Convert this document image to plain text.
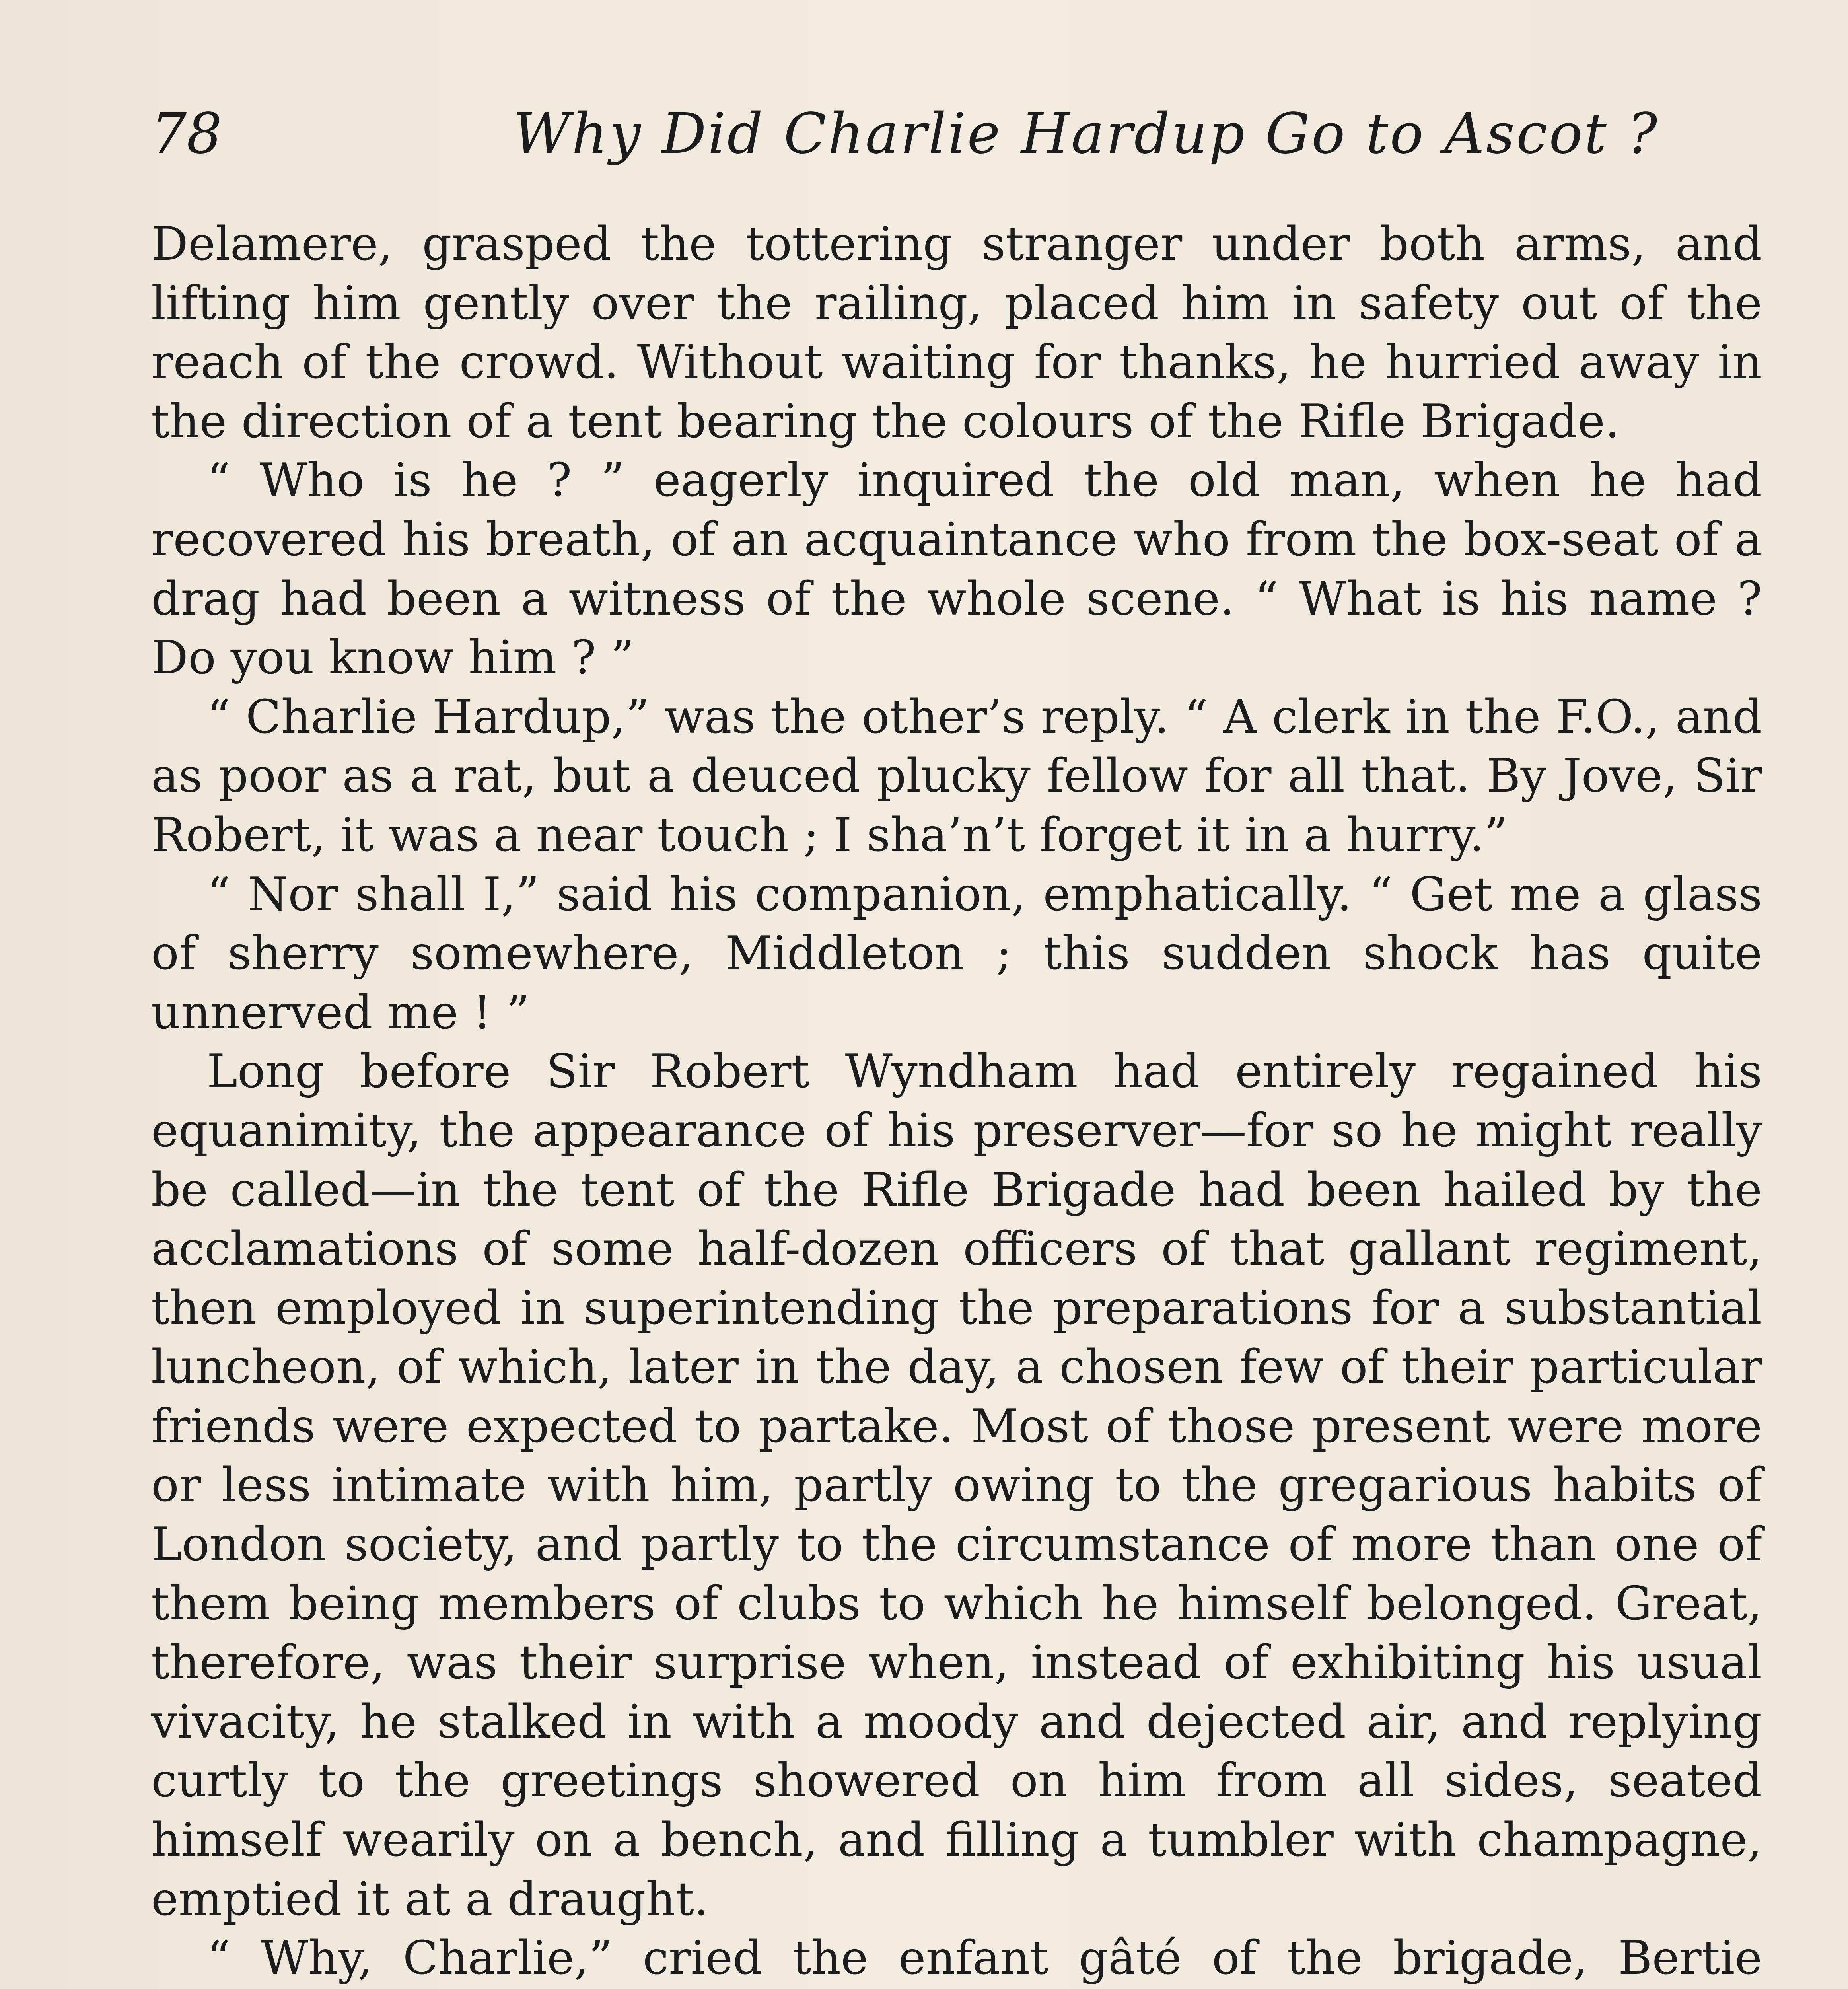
78	Why Did Charlie Hardup Go to Ascot ?

Delamere, grasped the tottering stranger under both arms, and lifting him gently over the railing, placed him in safety out of the reach of the crowd. Without waiting for thanks, he hurried away in the direction of a tent bearing the colours of the Rifle Brigade.

“ Who is he ? ” eagerly inquired the old man, when he had recovered his breath, of an acquaintance who from the box-seat of a drag had been a witness of the whole scene. “ What is his name ? Do you know him ? ”

“ Charlie Hardup,” was the other’s reply. “ A clerk in the F.O., and as poor as a rat, but a deuced plucky fellow for all that. By Jove, Sir Robert, it was a near touch ; I sha’n’t forget it in a hurry.”

“ Nor shall I,” said his companion, emphatically. “ Get me a glass of sherry somewhere, Middleton ; this sudden shock has quite unnerved me ! ”

Long before Sir Robert Wyndham had entirely regained his equanimity, the appearance of his preserver—for so he might really be called—in the tent of the Rifle Brigade had been hailed by the acclamations of some half-dozen officers of that gallant regiment, then employed in superintending the preparations for a substantial luncheon, of which, later in the day, a chosen few of their particular friends were expected to partake. Most of those present were more or less intimate with him, partly owing to the gregarious habits of London society, and partly to the circumstance of more than one of them being members of clubs to which he himself belonged. Great, therefore, was their surprise when, instead of exhibiting his usual vivacity, he stalked in with a moody and dejected air, and replying curtly to the greetings showered on him from all sides, seated himself wearily on a bench, and filling a tumbler with champagne, emptied it at a draught.

“ Why, Charlie,” cried the enfant gâté of the brigade, Bertie
